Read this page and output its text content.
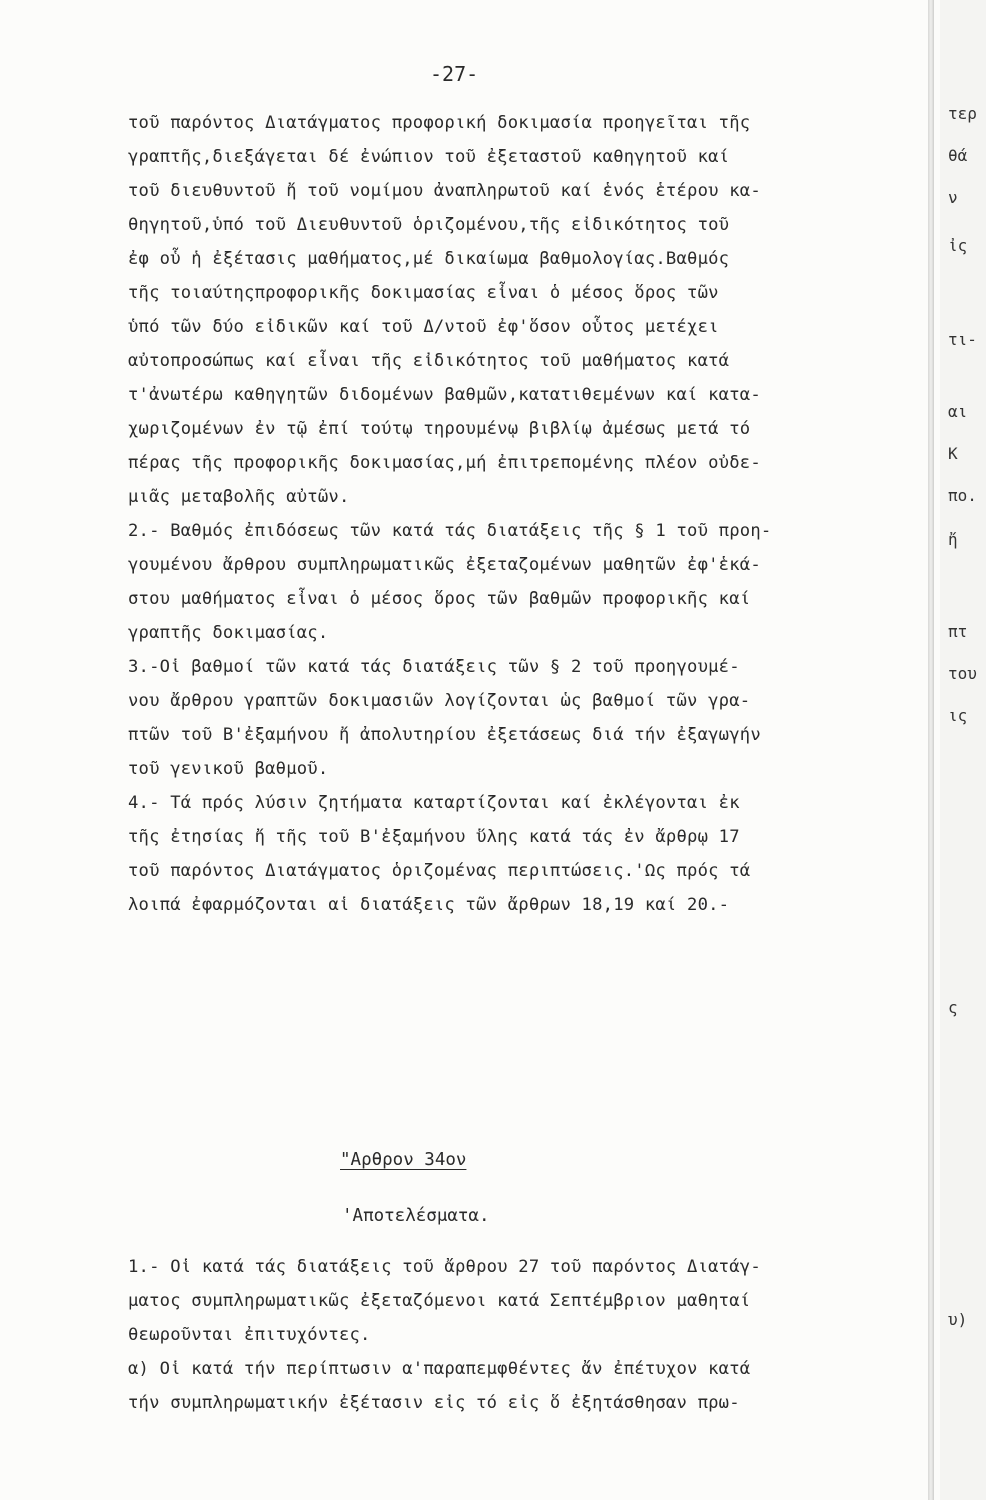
-27-
τοῦ παρόντος Διατάγματος προφορική δοκιμασία προηγεῖται τῆς
γραπτῆς,διεξάγεται δέ ἐνώπιον τοῦ ἐξεταστοῦ καθηγητοῦ καί
τοῦ διευθυντοῦ ἤ τοῦ νομίμου ἀναπληρωτοῦ καί ἑνός ἑτέρου κα-
θηγητοῦ,ὑπό τοῦ Διευθυντοῦ ὁριζομένου,τῆς εἰδικότητος τοῦ
ἐφ οὗ ἡ ἐξέτασις μαθήματος,μέ δικαίωμα βαθμολογίας.Βαθμός
τῆς τοιαύτηςπροφορικῆς δοκιμασίας εἶναι ὁ μέσος ὅρος τῶν
ὑπό τῶν δύο εἰδικῶν καί τοῦ Δ/ντοῦ ἐφ'ὅσον οὗτος μετέχει
αὐτοπροσώπως καί εἶναι τῆς εἰδικότητος τοῦ μαθήματος κατά
τ'ἀνωτέρω καθηγητῶν διδομένων βαθμῶν,κατατιθεμένων καί κατα-
χωριζομένων ἐν τῷ ἐπί τούτῳ τηρουμένῳ βιβλίῳ ἀμέσως μετά τό
πέρας τῆς προφορικῆς δοκιμασίας,μή ἐπιτρεπομένης πλέον οὐδε-
μιᾶς μεταβολῆς αὐτῶν.
2.- Βαθμός ἐπιδόσεως τῶν κατά τάς διατάξεις τῆς § 1 τοῦ προη-
γουμένου ἄρθρου συμπληρωματικῶς ἐξεταζομένων μαθητῶν ἐφ'ἑκά-
στου μαθήματος εἶναι ὁ μέσος ὅρος τῶν βαθμῶν προφορικῆς καί
γραπτῆς δοκιμασίας.
3.-Οἱ βαθμοί τῶν κατά τάς διατάξεις τῶν § 2 τοῦ προηγουμέ-
νου ἄρθρου γραπτῶν δοκιμασιῶν λογίζονται ὡς βαθμοί τῶν γρα-
πτῶν τοῦ Β'ἐξαμήνου ἤ ἀπολυτηρίου ἐξετάσεως διά τήν ἐξαγωγήν
τοῦ γενικοῦ βαθμοῦ.
4.- Τά πρός λύσιν ζητήματα καταρτίζονται καί ἐκλέγονται ἐκ
τῆς ἐτησίας ἤ τῆς τοῦ Β'ἐξαμήνου ὕλης κατά τάς ἐν ἄρθρῳ 17
τοῦ παρόντος Διατάγματος ὁριζομένας περιπτώσεις.'Ως πρός τά
λοιπά ἐφαρμόζονται αἱ διατάξεις τῶν ἄρθρων 18,19 καί 20.-
"Αρθρον 34ον
'Αποτελέσματα.
1.- Οἱ κατά τάς διατάξεις τοῦ ἄρθρου 27 τοῦ παρόντος Διατάγ-
ματος συμπληρωματικῶς ἐξεταζόμενοι κατά Σεπτέμβριον μαθηταί
θεωροῦνται ἐπιτυχόντες.
α) Οἱ κατά τήν περίπτωσιν α'παραπεμφθέντες ἄν ἐπέτυχον κατά
τήν συμπληρωματικήν ἐξέτασιν εἰς τό εἰς ὅ ἐξητάσθησαν πρω-
τερ
θά
ν
ἰς
τι-
αι
Κ
πο.
ἤ
πτ
του
ις
ς
υ)
